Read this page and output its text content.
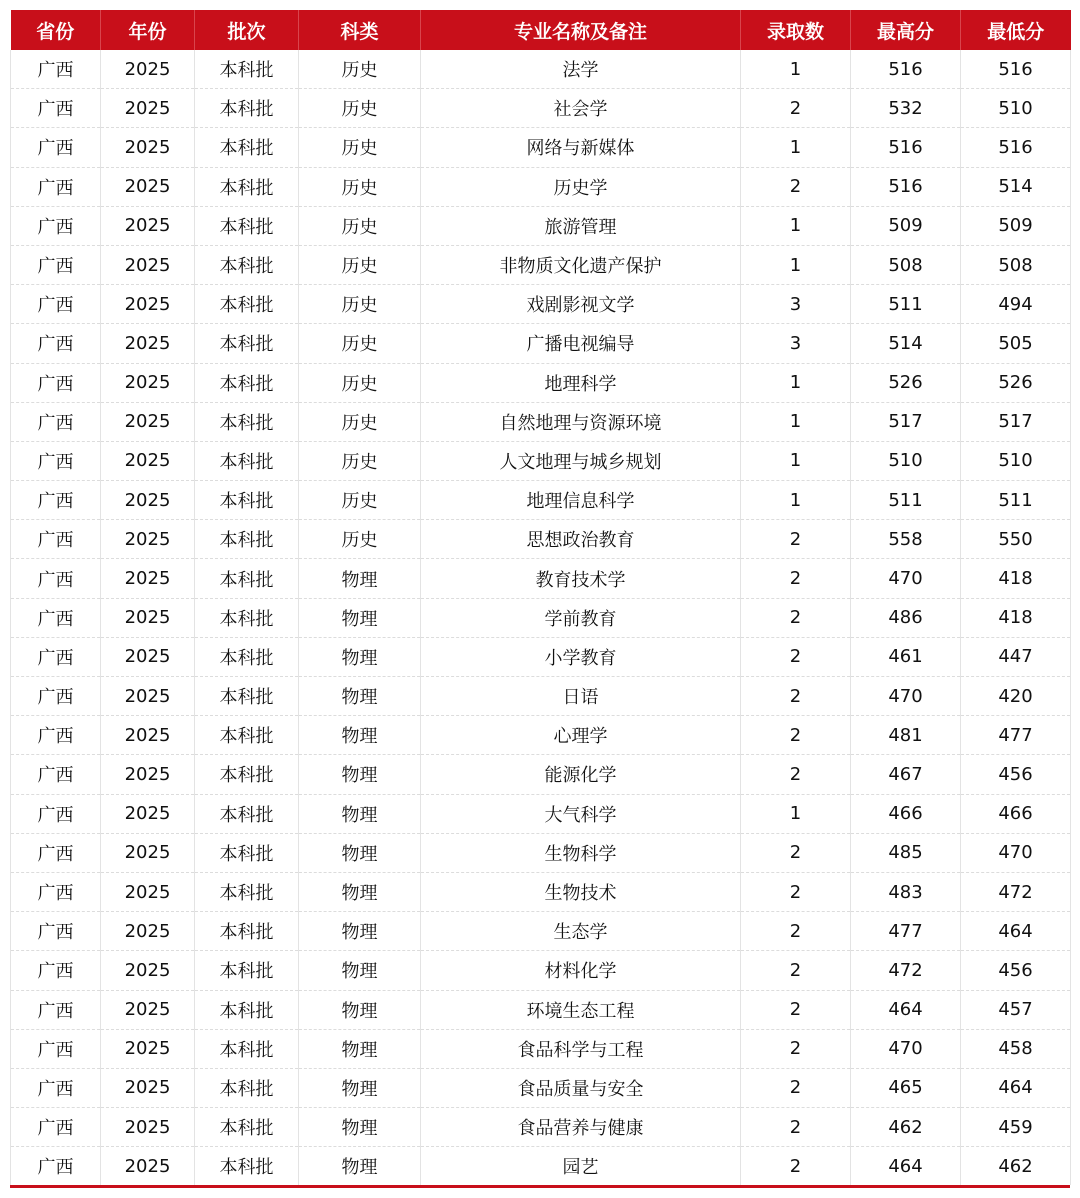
省份	年份	批次	科类	专业名称及备注	录取数	最高分	最低分
广西	2025	本科批	历史	法学	1	516	516
广西	2025	本科批	历史	社会学	2	532	510
广西	2025	本科批	历史	网络与新媒体	1	516	516
广西	2025	本科批	历史	历史学	2	516	514
广西	2025	本科批	历史	旅游管理	1	509	509
广西	2025	本科批	历史	非物质文化遗产保护	1	508	508
广西	2025	本科批	历史	戏剧影视文学	3	511	494
广西	2025	本科批	历史	广播电视编导	3	514	505
广西	2025	本科批	历史	地理科学	1	526	526
广西	2025	本科批	历史	自然地理与资源环境	1	517	517
广西	2025	本科批	历史	人文地理与城乡规划	1	510	510
广西	2025	本科批	历史	地理信息科学	1	511	511
广西	2025	本科批	历史	思想政治教育	2	558	550
广西	2025	本科批	物理	教育技术学	2	470	418
广西	2025	本科批	物理	学前教育	2	486	418
广西	2025	本科批	物理	小学教育	2	461	447
广西	2025	本科批	物理	日语	2	470	420
广西	2025	本科批	物理	心理学	2	481	477
广西	2025	本科批	物理	能源化学	2	467	456
广西	2025	本科批	物理	大气科学	1	466	466
广西	2025	本科批	物理	生物科学	2	485	470
广西	2025	本科批	物理	生物技术	2	483	472
广西	2025	本科批	物理	生态学	2	477	464
广西	2025	本科批	物理	材料化学	2	472	456
广西	2025	本科批	物理	环境生态工程	2	464	457
广西	2025	本科批	物理	食品科学与工程	2	470	458
广西	2025	本科批	物理	食品质量与安全	2	465	464
广西	2025	本科批	物理	食品营养与健康	2	462	459
广西	2025	本科批	物理	园艺	2	464	462
